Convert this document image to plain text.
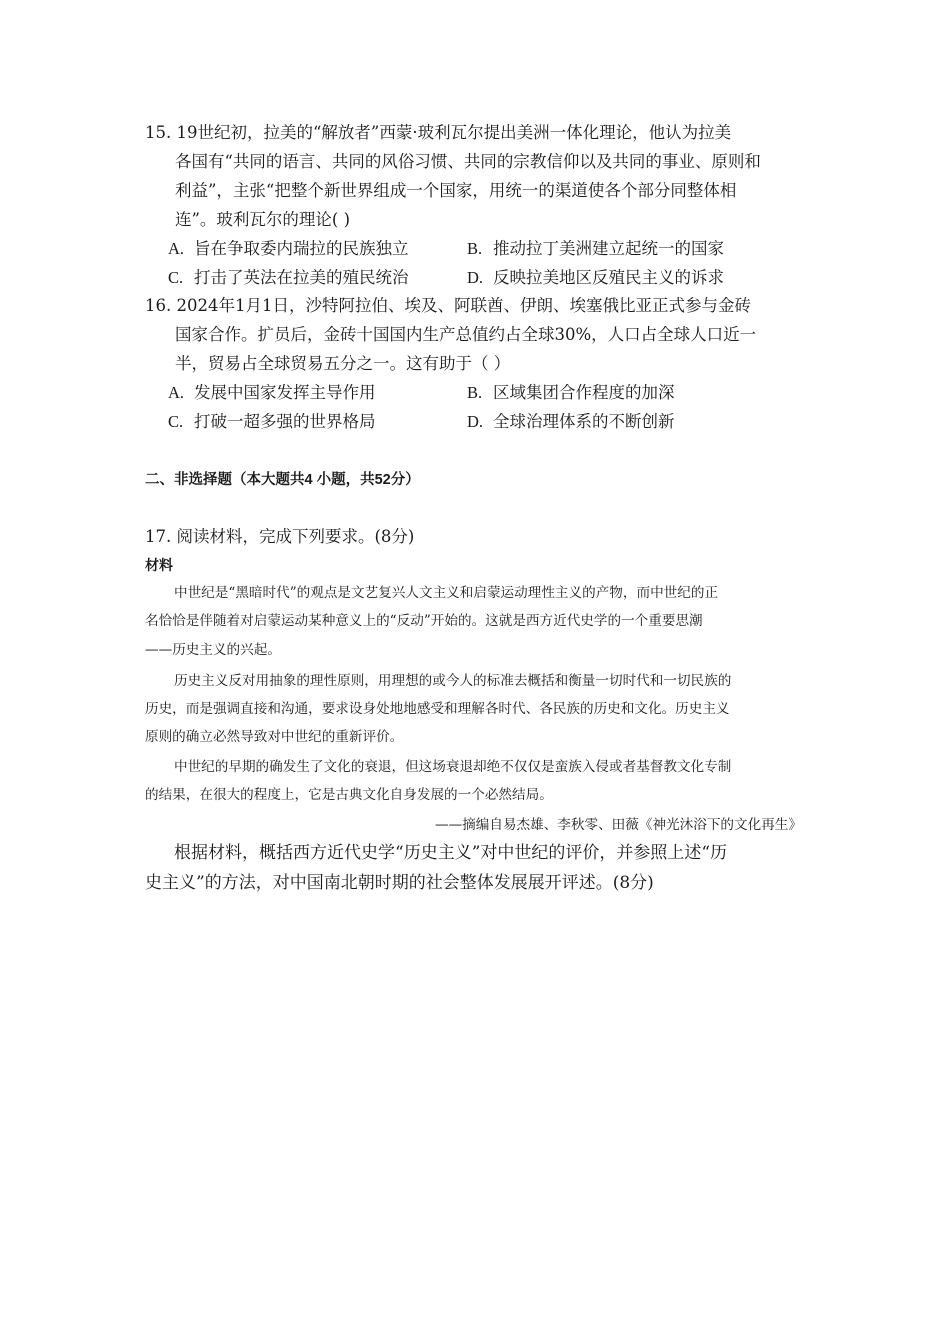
15. 19世纪初，拉美的“解放者”西蒙·玻利瓦尔提出美洲一体化理论，他认为拉美
各国有“共同的语言、共同的风俗习惯、共同的宗教信仰以及共同的事业、原则和
利益”，主张“把整个新世界组成一个国家，用统一的渠道使各个部分同整体相
连”。玻利瓦尔的理论( )
A. 旨在争取委内瑞拉的民族独立	B. 推动拉丁美洲建立起统一的国家
C. 打击了英法在拉美的殖民统治	D. 反映拉美地区反殖民主义的诉求
16. 2024年1月1日，沙特阿拉伯、埃及、阿联酋、伊朗、埃塞俄比亚正式参与金砖
国家合作。扩员后，金砖十国国内生产总值约占全球30%，人口占全球人口近一
半，贸易占全球贸易五分之一。这有助于（ ）
A. 发展中国家发挥主导作用	B. 区域集团合作程度的加深
C. 打破一超多强的世界格局	D. 全球治理体系的不断创新
二、非选择题（本大题共4 小题，共52分）
17. 阅读材料，完成下列要求。(8分)
材料
中世纪是“黑暗时代”的观点是文艺复兴人文主义和启蒙运动理性主义的产物，而中世纪的正
名恰恰是伴随着对启蒙运动某种意义上的“反动”开始的。这就是西方近代史学的一个重要思潮
——历史主义的兴起。
历史主义反对用抽象的理性原则，用理想的或今人的标准去概括和衡量一切时代和一切民族的
历史，而是强调直接和沟通，要求设身处地地感受和理解各时代、各民族的历史和文化。历史主义
原则的确立必然导致对中世纪的重新评价。
中世纪的早期的确发生了文化的衰退，但这场衰退却绝不仅仅是蛮族入侵或者基督教文化专制
的结果，在很大的程度上，它是古典文化自身发展的一个必然结局。
——摘编自易杰雄、李秋零、田薇《神光沐浴下的文化再生》
根据材料，概括西方近代史学“历史主义”对中世纪的评价，并参照上述“历
史主义”的方法，对中国南北朝时期的社会整体发展展开评述。(8分)
